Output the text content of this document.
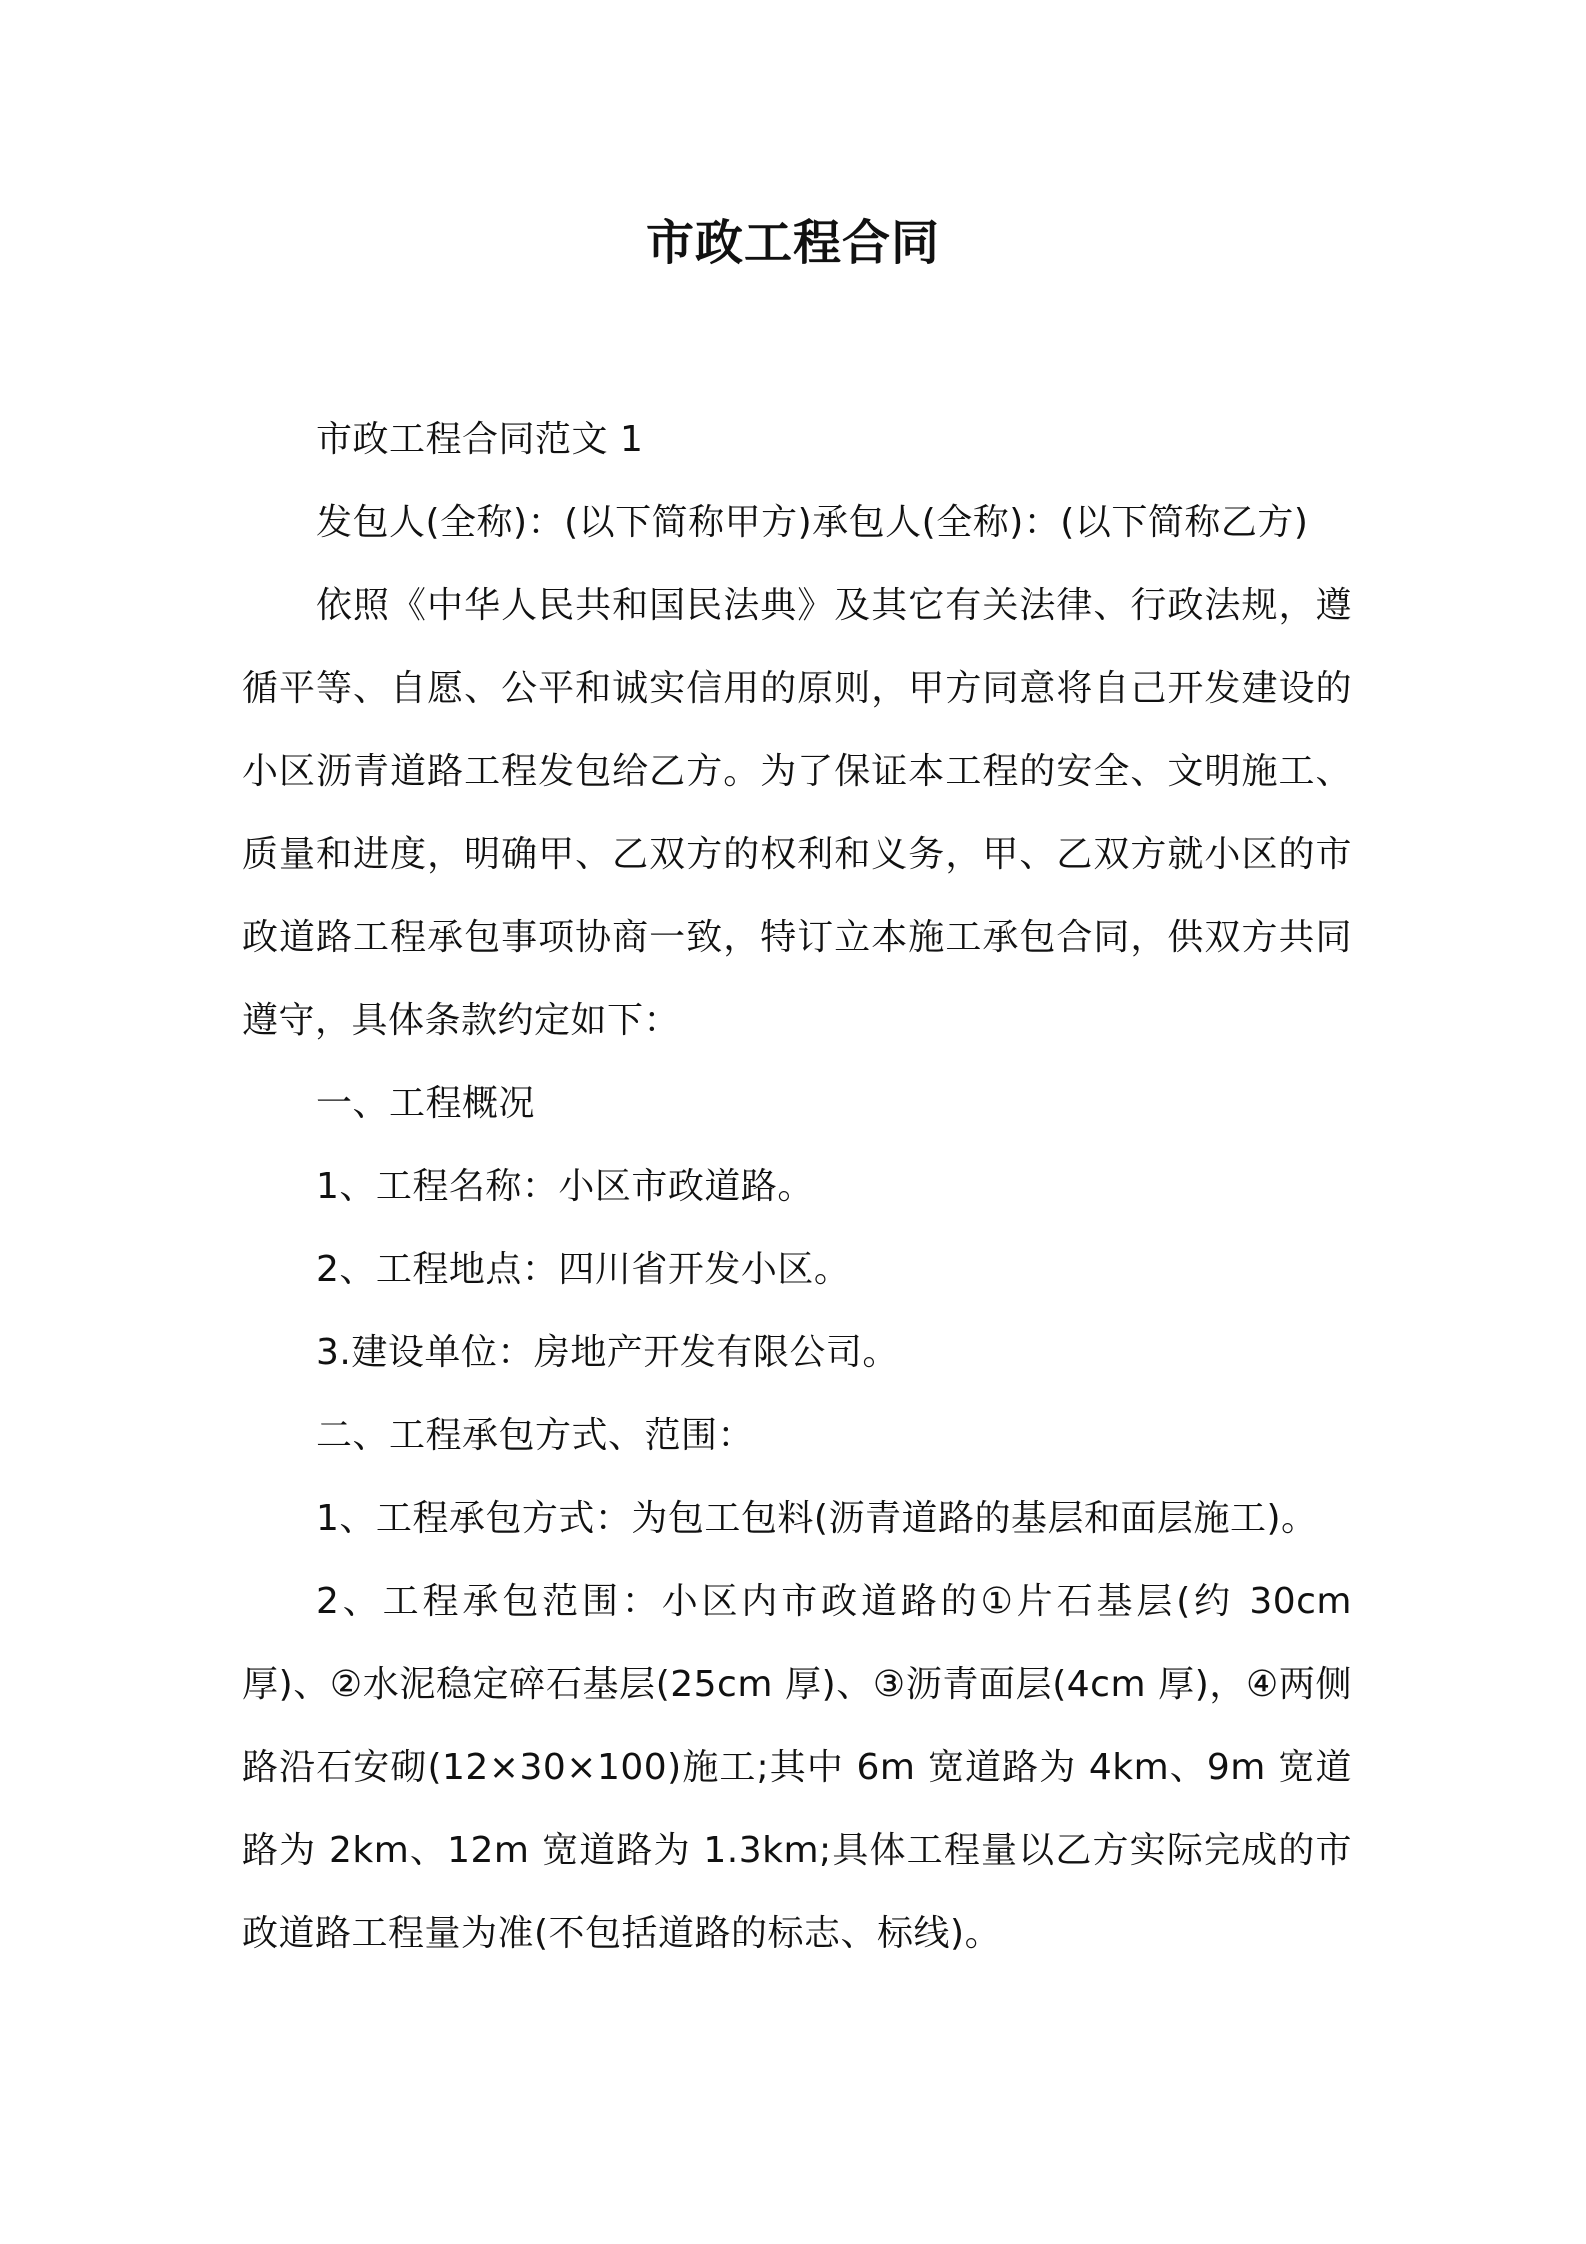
市政工程合同

市政工程合同范文 1

发包人(全称)：(以下简称甲方)承包人(全称)：(以下简称乙方)

依照《中华人民共和国民法典》及其它有关法律、行政法规，遵循平等、自愿、公平和诚实信用的原则，甲方同意将自己开发建设的小区沥青道路工程发包给乙方。为了保证本工程的安全、文明施工、质量和进度，明确甲、乙双方的权利和义务，甲、乙双方就小区的市政道路工程承包事项协商一致，特订立本施工承包合同，供双方共同遵守，具体条款约定如下：

一、工程概况

1、工程名称：小区市政道路。

2、工程地点：四川省开发小区。

3.建设单位：房地产开发有限公司。

二、工程承包方式、范围：

1、工程承包方式：为包工包料(沥青道路的基层和面层施工)。

2、工程承包范围：小区内市政道路的①片石基层(约 30cm 厚)、②水泥稳定碎石基层(25cm 厚)、③沥青面层(4cm 厚)，④两侧路沿石安砌(12×30×100)施工;其中 6m 宽道路为 4km、9m 宽道路为 2km、12m 宽道路为 1.3km;具体工程量以乙方实际完成的市政道路工程量为准(不包括道路的标志、标线)。
